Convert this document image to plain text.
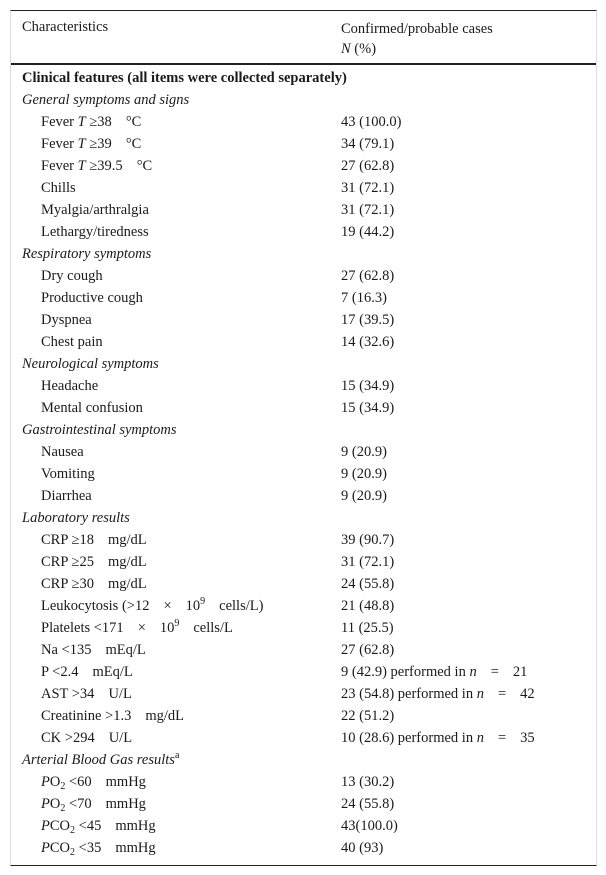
Characteristics	Confirmed/probable cases
N (%)
Clinical features (all items were collected separately)
General symptoms and signs
Fever T ≥38 °C	43 (100.0)
Fever T ≥39 °C	34 (79.1)
Fever T ≥39.5 °C	27 (62.8)
Chills	31 (72.1)
Myalgia/arthralgia	31 (72.1)
Lethargy/tiredness	19 (44.2)
Respiratory symptoms
Dry cough	27 (62.8)
Productive cough	7 (16.3)
Dyspnea	17 (39.5)
Chest pain	14 (32.6)
Neurological symptoms
Headache	15 (34.9)
Mental confusion	15 (34.9)
Gastrointestinal symptoms
Nausea	9 (20.9)
Vomiting	9 (20.9)
Diarrhea	9 (20.9)
Laboratory results
CRP ≥18 mg/dL	39 (90.7)
CRP ≥25 mg/dL	31 (72.1)
CRP ≥30 mg/dL	24 (55.8)
Leukocytosis ($>12 \times 10^9$ cells/L)	21 (48.8)
Platelets $<171 \times 10^9$ cells/L	11 (25.5)
Na <135 mEq/L	27 (62.8)
P <2.4 mEq/L	9 (42.9) performed in n = 21
AST >34 U/L	23 (54.8) performed in n = 42
Creatinine >1.3 mg/dL	22 (51.2)
CK >294 U/L	10 (28.6) performed in n = 35
Arterial Blood Gas results$^a$
$PO_2 <60$ mmHg	13 (30.2)
$PO_2 <70$ mmHg	24 (55.8)
$PCO_2 <45$ mmHg	43(100.0)
$PCO_2 <35$ mmHg	40 (93)
